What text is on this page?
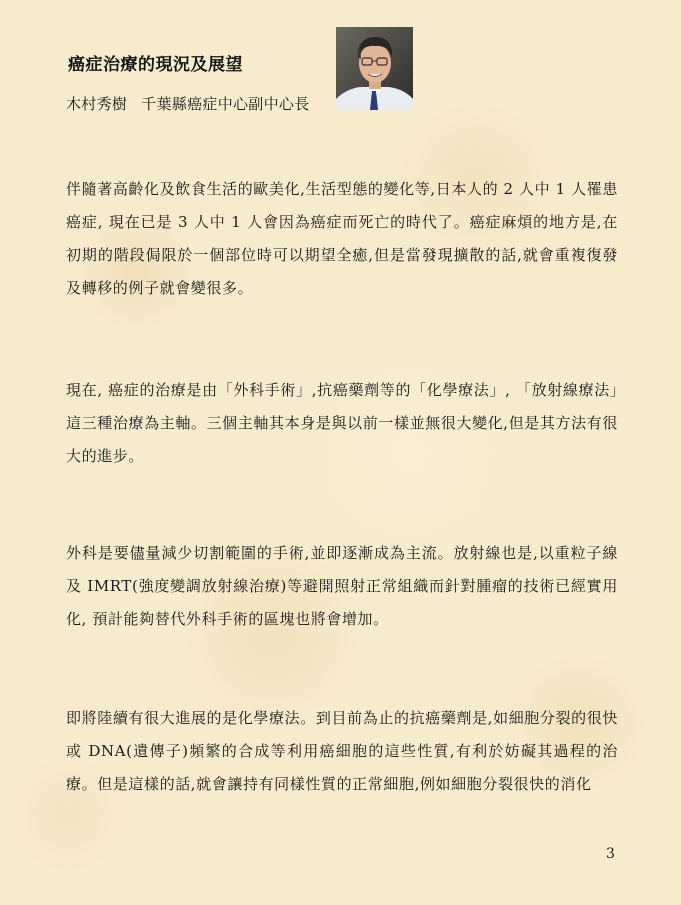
癌症治療的現況及展望
木村秀樹 千葉縣癌症中心副中心長
伴隨著高齡化及飲食生活的歐美化,生活型態的變化等,日本人的 2 人中 1 人罹患癌症, 現在已是 3 人中 1 人會因為癌症而死亡的時代了。癌症麻煩的地方是,在初期的階段侷限於一個部位時可以期望全癒,但是當發現擴散的話,就會重複復發及轉移的例子就會變很多。
現在, 癌症的治療是由「外科手術」,抗癌藥劑等的「化學療法」, 「放射線療法」這三種治療為主軸。三個主軸其本身是與以前一樣並無很大變化,但是其方法有很大的進步。
外科是要儘量減少切割範圍的手術,並即逐漸成為主流。放射線也是,以重粒子線及 IMRT(強度變調放射線治療)等避開照射正常組織而針對腫瘤的技術已經實用化, 預計能夠替代外科手術的區塊也將會增加。
即將陸續有很大進展的是化學療法。到目前為止的抗癌藥劑是,如細胞分裂的很快或 DNA(遺傳子)頻繁的合成等利用癌細胞的這些性質,有利於妨礙其過程的治療。但是這樣的話,就會讓持有同樣性質的正常細胞,例如細胞分裂很快的消化
3
